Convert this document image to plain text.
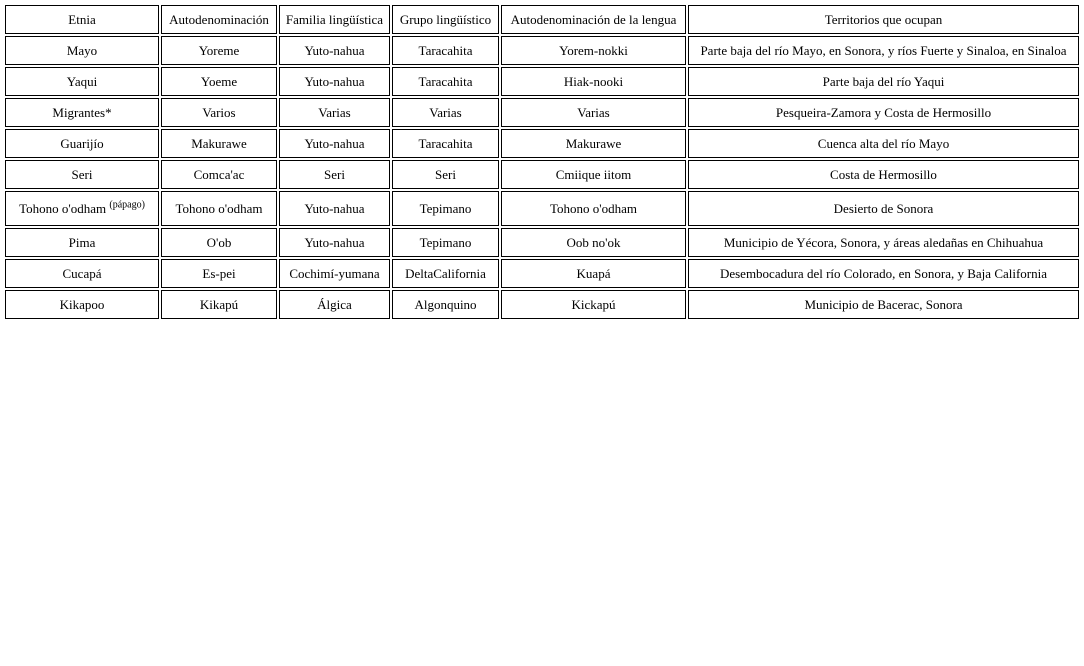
Etnia	Autodenominación	Familia lingüística	Grupo lingüístico	Autodenominación de la lengua	Territorios que ocupan
Mayo	Yoreme	Yuto-nahua	Taracahita	Yorem-nokki	Parte baja del río Mayo, en Sonora, y ríos Fuerte y Sinaloa, en Sinaloa
Yaqui	Yoeme	Yuto-nahua	Taracahita	Hiak-nooki	Parte baja del río Yaqui
Migrantes*	Varios	Varias	Varias	Varias	Pesqueira-Zamora y Costa de Hermosillo
Guarijío	Makurawe	Yuto-nahua	Taracahita	Makurawe	Cuenca alta del río Mayo
Seri	Comca'ac	Seri	Seri	Cmiique iitom	Costa de Hermosillo
Tohono o'odham $^{(pápago)}$	Tohono o'odham	Yuto-nahua	Tepimano	Tohono o'odham	Desierto de Sonora
Pima	O'ob	Yuto-nahua	Tepimano	Oob no'ok	Municipio de Yécora, Sonora, y áreas aledañas en Chihuahua
Cucapá	Es-pei	Cochimí-yumana	DeltaCalifornia	Kuapá	Desembocadura del río Colorado, en Sonora, y Baja California
Kikapoo	Kikapú	Álgica	Algonquino	Kickapú	Municipio de Bacerac, Sonora
